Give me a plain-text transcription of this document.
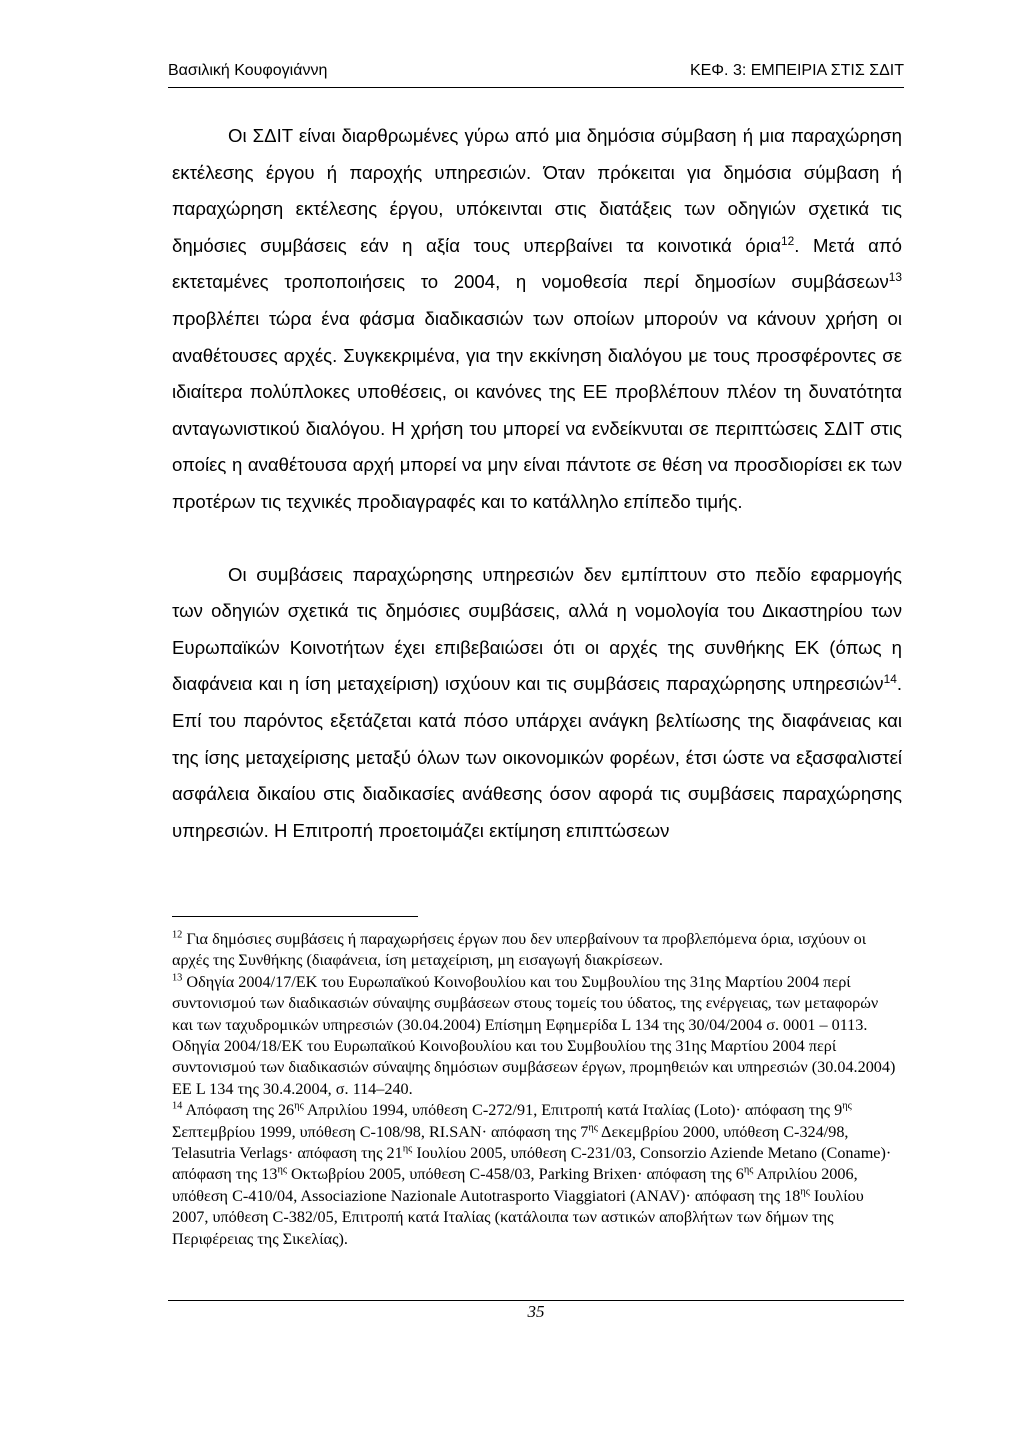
Βασιλική Κουφογιάννη	ΚΕΦ. 3: ΕΜΠΕΙΡΙΑ ΣΤΙΣ ΣΔΙΤ

Οι ΣΔΙΤ είναι διαρθρωμένες γύρω από μια δημόσια σύμβαση ή μια παραχώρηση εκτέλεσης έργου ή παροχής υπηρεσιών. Όταν πρόκειται για δημόσια σύμβαση ή παραχώρηση εκτέλεσης έργου, υπόκεινται στις διατάξεις των οδηγιών σχετικά τις δημόσιες συμβάσεις εάν η αξία τους υπερβαίνει τα κοινοτικά όρια$^{12}$. Μετά από εκτεταμένες τροποποιήσεις το 2004, η νομοθεσία περί δημοσίων συμβάσεων$^{13}$ προβλέπει τώρα ένα φάσμα διαδικασιών των οποίων μπορούν να κάνουν χρήση οι αναθέτουσες αρχές. Συγκεκριμένα, για την εκκίνηση διαλόγου με τους προσφέροντες σε ιδιαίτερα πολύπλοκες υποθέσεις, οι κανόνες της ΕΕ προβλέπουν πλέον τη δυνατότητα ανταγωνιστικού διαλόγου. Η χρήση του μπορεί να ενδείκνυται σε περιπτώσεις ΣΔΙΤ στις οποίες η αναθέτουσα αρχή μπορεί να μην είναι πάντοτε σε θέση να προσδιορίσει εκ των προτέρων τις τεχνικές προδιαγραφές και το κατάλληλο επίπεδο τιμής.

Οι συμβάσεις παραχώρησης υπηρεσιών δεν εμπίπτουν στο πεδίο εφαρμογής των οδηγιών σχετικά τις δημόσιες συμβάσεις, αλλά η νομολογία του Δικαστηρίου των Ευρωπαϊκών Κοινοτήτων έχει επιβεβαιώσει ότι οι αρχές της συνθήκης ΕΚ (όπως η διαφάνεια και η ίση μεταχείριση) ισχύουν και τις συμβάσεις παραχώρησης υπηρεσιών$^{14}$. Επί του παρόντος εξετάζεται κατά πόσο υπάρχει ανάγκη βελτίωσης της διαφάνειας και της ίσης μεταχείρισης μεταξύ όλων των οικονομικών φορέων, έτσι ώστε να εξασφαλιστεί ασφάλεια δικαίου στις διαδικασίες ανάθεσης όσον αφορά τις συμβάσεις παραχώρησης υπηρεσιών. Η Επιτροπή προετοιμάζει εκτίμηση επιπτώσεων

$^{12}$ Για δημόσιες συμβάσεις ή παραχωρήσεις έργων που δεν υπερβαίνουν τα προβλεπόμενα όρια, ισχύουν οι αρχές της Συνθήκης (διαφάνεια, ίση μεταχείριση, μη εισαγωγή διακρίσεων.

$^{13}$ Οδηγία 2004/17/ΕΚ του Ευρωπαϊκού Κοινοβουλίου και του Συμβουλίου της 31ης Μαρτίου 2004 περί συντονισμού των διαδικασιών σύναψης συμβάσεων στους τομείς του ύδατος, της ενέργειας, των μεταφορών και των ταχυδρομικών υπηρεσιών (30.04.2004) Επίσημη Εφημερίδα L 134 της 30/04/2004 σ. 0001 – 0113. Οδηγία 2004/18/ΕΚ του Ευρωπαϊκού Κοινοβουλίου και του Συμβουλίου της 31ης Μαρτίου 2004 περί συντονισμού των διαδικασιών σύναψης δημόσιων συμβάσεων έργων, προμηθειών και υπηρεσιών (30.04.2004) ΕΕ L 134 της 30.4.2004, σ. 114–240.

$^{14}$ Απόφαση της $26^{\eta\varsigma}$ Απριλίου 1994, υπόθεση C-272/91, Επιτροπή κατά Ιταλίας (Loto)· απόφαση της $9^{\eta\varsigma}$ Σεπτεμβρίου 1999, υπόθεση C-108/98, RI.SAN· απόφαση της $7^{\eta\varsigma}$ Δεκεμβρίου 2000, υπόθεση C-324/98, Telasutria Verlags· απόφαση της $21^{\eta\varsigma}$ Ιουλίου 2005, υπόθεση C-231/03, Consorzio Aziende Metano (Coname)· απόφαση της $13^{\eta\varsigma}$ Οκτωβρίου 2005, υπόθεση C-458/03, Parking Brixen· απόφαση της $6^{\eta\varsigma}$ Απριλίου 2006, υπόθεση C-410/04, Associazione Nazionale Autotrasporto Viaggiatori (ANAV)· απόφαση της $18^{\eta\varsigma}$ Ιουλίου 2007, υπόθεση C-382/05, Επιτροπή κατά Ιταλίας (κατάλοιπα των αστικών αποβλήτων των δήμων της Περιφέρειας της Σικελίας).

35
